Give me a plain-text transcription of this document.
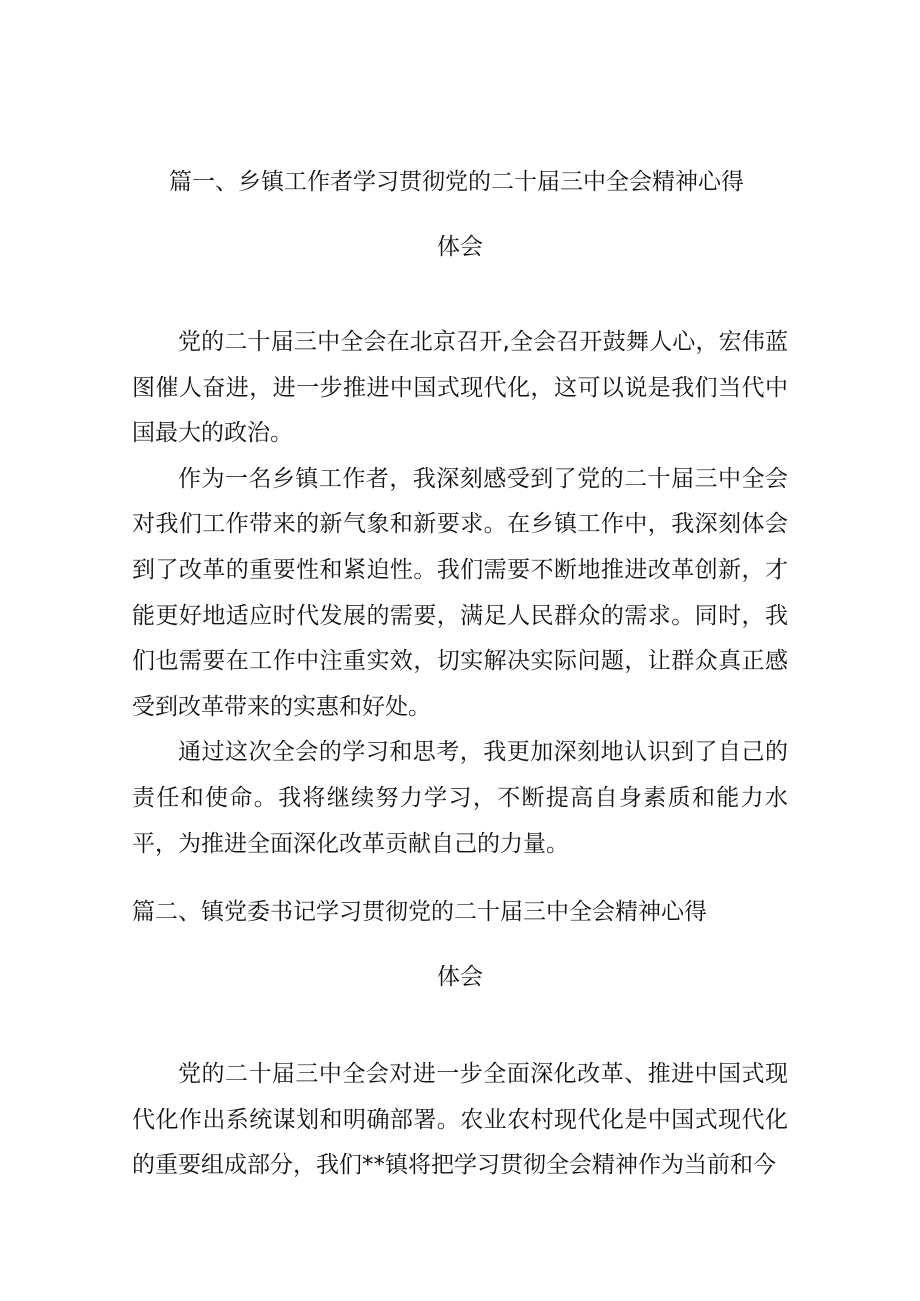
篇一、乡镇工作者学习贯彻党的二十届三中全会精神心得
体会

党的二十届三中全会在北京召开,全会召开鼓舞人心，宏伟蓝图催人奋进，进一步推进中国式现代化，这可以说是我们当代中国最大的政治。

作为一名乡镇工作者，我深刻感受到了党的二十届三中全会对我们工作带来的新气象和新要求。在乡镇工作中，我深刻体会到了改革的重要性和紧迫性。我们需要不断地推进改革创新，才能更好地适应时代发展的需要，满足人民群众的需求。同时，我们也需要在工作中注重实效，切实解决实际问题，让群众真正感受到改革带来的实惠和好处。

通过这次全会的学习和思考，我更加深刻地认识到了自己的责任和使命。我将继续努力学习，不断提高自身素质和能力水平，为推进全面深化改革贡献自己的力量。

篇二、镇党委书记学习贯彻党的二十届三中全会精神心得
体会

党的二十届三中全会对进一步全面深化改革、推进中国式现代化作出系统谋划和明确部署。农业农村现代化是中国式现代化的重要组成部分，我们**镇将把学习贯彻全会精神作为当前和今
